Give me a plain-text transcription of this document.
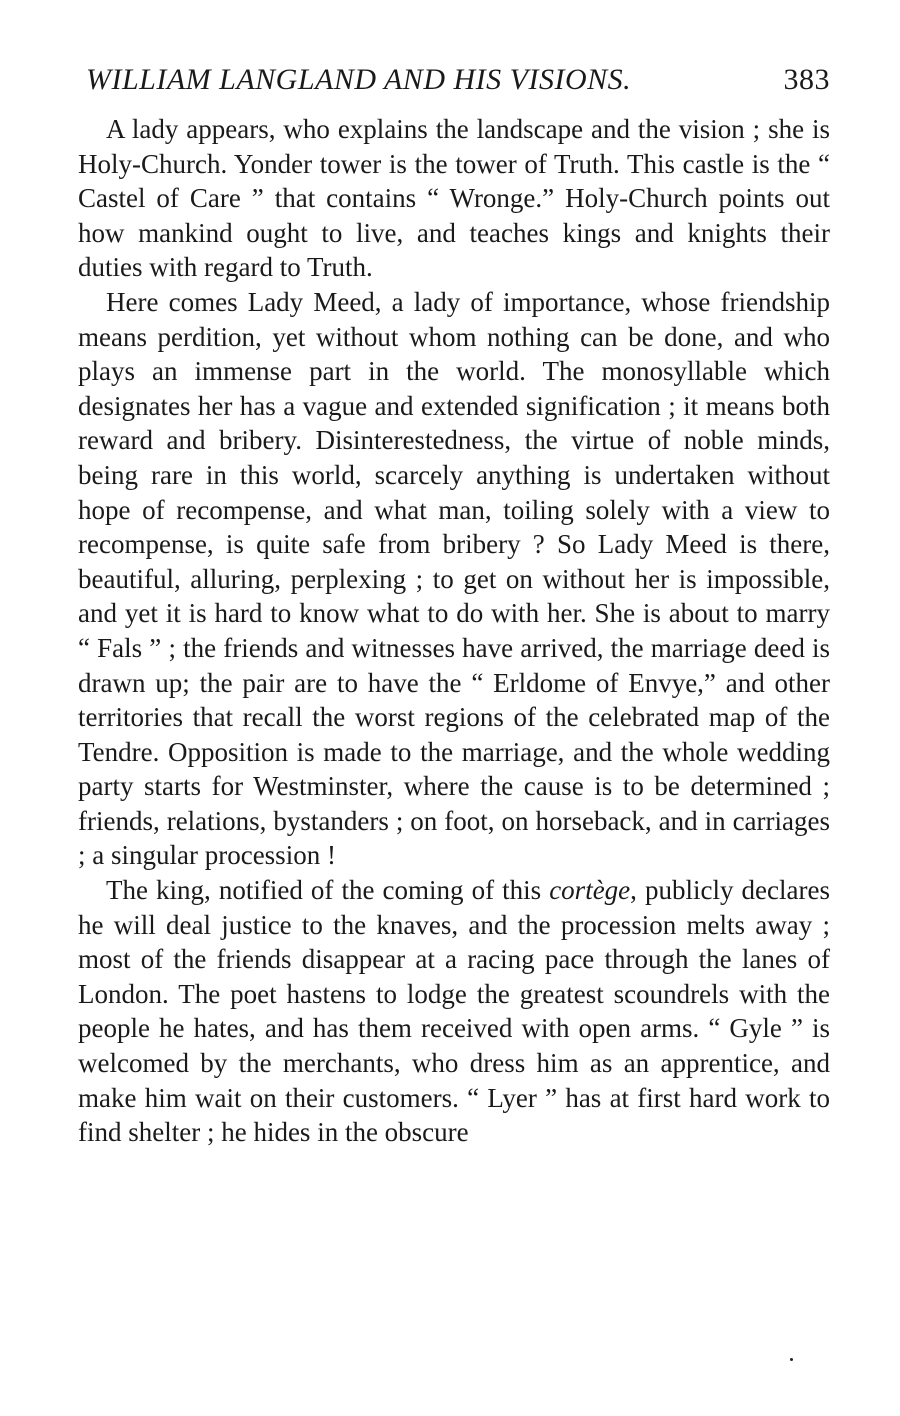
WILLIAM LANGLAND AND HIS VISIONS.	383

A lady appears, who explains the landscape and the vision ; she is Holy-Church. Yonder tower is the tower of Truth. This castle is the “ Castel of Care ” that contains “ Wronge.” Holy-Church points out how mankind ought to live, and teaches kings and knights their duties with regard to Truth.

Here comes Lady Meed, a lady of importance, whose friendship means perdition, yet without whom nothing can be done, and who plays an immense part in the world. The monosyllable which designates her has a vague and extended signification ; it means both reward and bribery. Disinterestedness, the virtue of noble minds, being rare in this world, scarcely anything is undertaken without hope of recompense, and what man, toiling solely with a view to recompense, is quite safe from bribery ? So Lady Meed is there, beautiful, alluring, perplexing ; to get on without her is impossible, and yet it is hard to know what to do with her. She is about to marry “ Fals ” ; the friends and witnesses have arrived, the marriage deed is drawn up; the pair are to have the “ Erldome of Envye,” and other territories that recall the worst regions of the celebrated map of the Tendre. Opposition is made to the marriage, and the whole wedding party starts for Westminster, where the cause is to be determined ; friends, relations, bystanders ; on foot, on horseback, and in carriages ; a singular procession !

The king, notified of the coming of this cortège, publicly declares he will deal justice to the knaves, and the procession melts away ; most of the friends disappear at a racing pace through the lanes of London. The poet hastens to lodge the greatest scoundrels with the people he hates, and has them received with open arms. “ Gyle ” is welcomed by the merchants, who dress him as an apprentice, and make him wait on their customers. “ Lyer ” has at first hard work to find shelter ; he hides in the obscure
